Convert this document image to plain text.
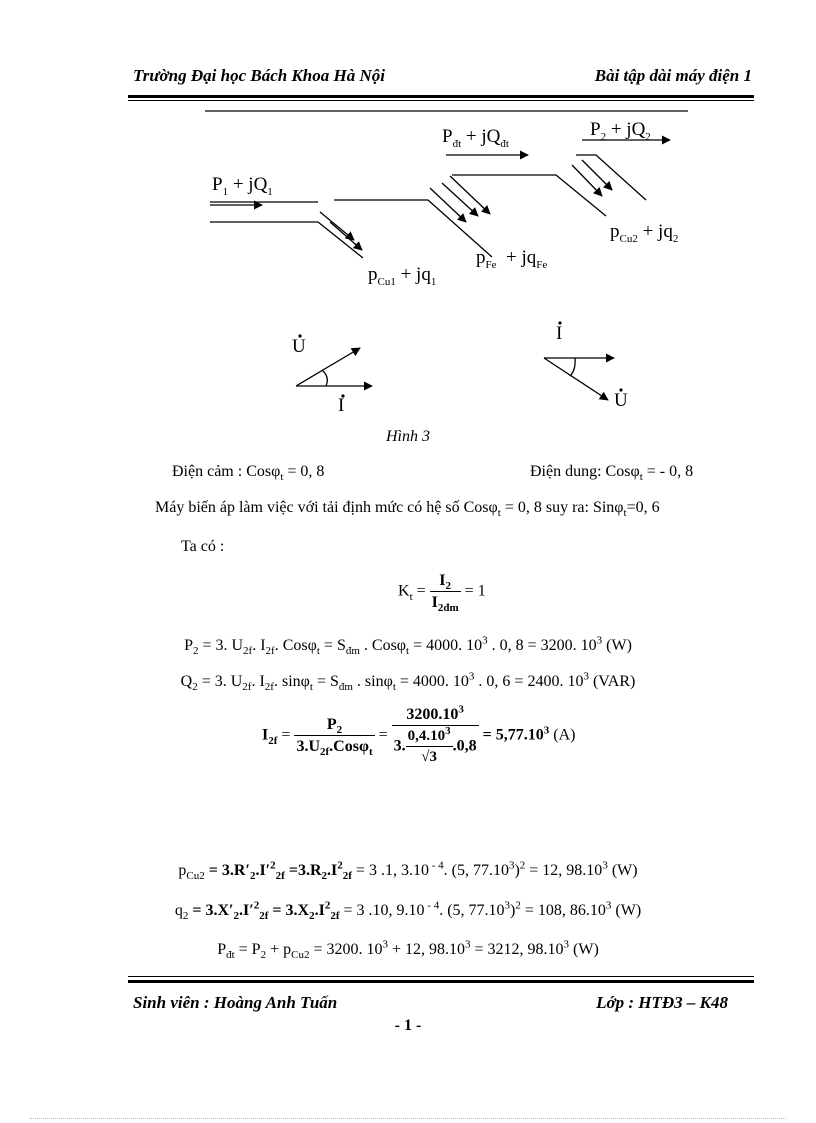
Trường Đại học Bách Khoa Hà Nội	Bài tập dài máy điện 1
$P_1 + jQ_1$
$P_{đt} + jQ_{đt}$
$P_2 + jQ_2$
$p_{Cu1} + jq_1$
$p_{Fe} + jq_{Fe}$
$p_{Cu2} + jq_2$
U
I
I
U
Hình 3
Điện cảm : Cosφ$_t$ = 0, 8	Điện dung: Cosφ$_t$ = - 0, 8
Máy biến áp làm việc với tải định mức có hệ số Cosφ$_t$ = 0, 8 suy ra: Sinφ$_t$=0, 6
Ta có :
$K_t = \frac{I_2}{I_{2đm}} = 1$
$P_2 = 3$. $U_{2f}$. $I_{2f}$. $Cos\varphi_t = S_{đm}$ . Cosφ$_t$ = 4000. $10^3$ . 0, 8 = 3200. $10^3$ (W)
$Q_2 = 3$. $U_{2f}$. $I_{2f}$. $\sin\varphi_t = S_{đm}$ . sinφ$_t$ = 4000. $10^3$ . 0, 6 = 2400. $10^3$ (VAR)
$I_{2f} = \frac{P_2}{3.U_{2f}.Cos\varphi_t} = \frac{3200.10^3}{3. \frac{0,4.10^3}{√3} .0,8} = 5,77.10^3$ (A)
$p_{Cu2} = 3.R'_2.I'^2_{2f} =3.R_2.I^2_{2f} = 3$ .1, 3.10 $^{- 4}$. (5, $77.10^3)^2 = 12$, 98.10$^3$ (W)
$q_2 = 3.X'_2.I'^2_{2f} = 3.X_2.I^2_{2f} = 3$ .10, 9.10 $^{- 4}$. (5, $77.10^3)^2 = 108$, 86.10$^3$ (W)
$P_{đt} = P_2 + p_{Cu2} = 3200$. $10^3 + 12$, $98.10^3 = 3212$, 98.10$^3$ (W)
Sinh viên : Hoàng Anh Tuấn	Lớp : HTĐ3 – K48
- 1 -
